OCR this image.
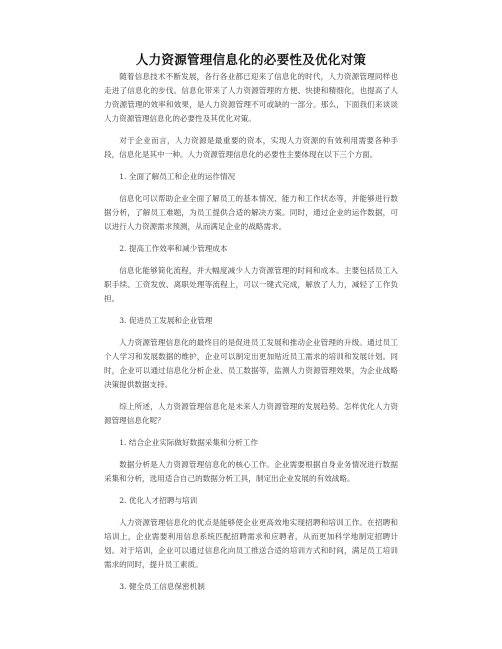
人力资源管理信息化的必要性及优化对策

随着信息技术不断发展，各行各业都已迎来了信息化的时代，人力资源管理同样也走进了信息化的步伐。信息化带来了人力资源管理的方便、快捷和精细化，也提高了人力资源管理的效率和效果，是人力资源管理不可或缺的一部分。那么，下面我们来谈谈人力资源管理信息化的必要性及其优化对策。

对于企业而言，人力资源是最重要的资本，实现人力资源的有效利用需要各种手段，信息化是其中一种。人力资源管理信息化的必要性主要体现在以下三个方面。

1. 全面了解员工和企业的运作情况

信息化可以帮助企业全面了解员工的基本情况、能力和工作状态等，并能够进行数据分析，了解员工难题，为员工提供合适的解决方案。同时，通过企业的运作数据，可以进行人力资源需求预测，从而满足企业的战略需求。

2. 提高工作效率和减少管理成本

信息化能够简化流程，并大幅度减少人力资源管理的时间和成本。主要包括员工入职手续、工资发放、离职处理等流程上，可以一键式完成，解放了人力，减轻了工作负担。

3. 促进员工发展和企业管理

人力资源管理信息化的最终目的是促进员工发展和推动企业管理的升级。通过员工个人学习和发展数据的维护，企业可以制定出更加贴近员工需求的培训和发展计划。同时，企业可以通过信息化分析企业、员工数据等，监测人力资源管理效果，为企业战略决策提供数据支持。

综上所述，人力资源管理信息化是未来人力资源管理的发展趋势。怎样优化人力资源管理信息化呢？

1. 结合企业实际做好数据采集和分析工作

数据分析是人力资源管理信息化的核心工作。企业需要根据自身业务情况进行数据采集和分析，选用适合自己的数据分析工具，制定出企业发展的有效战略。

2. 优化人才招聘与培训

人力资源管理信息化的优点是能够使企业更高效地实现招聘和培训工作。在招聘和培训上，企业需要利用信息系统匹配招聘需求和应聘者，从而更加科学地制定招聘计划。对于培训，企业可以通过信息化向员工推送合适的培训方式和时间，满足员工培训需求的同时，提升员工素质。

3. 健全员工信息保密机制
